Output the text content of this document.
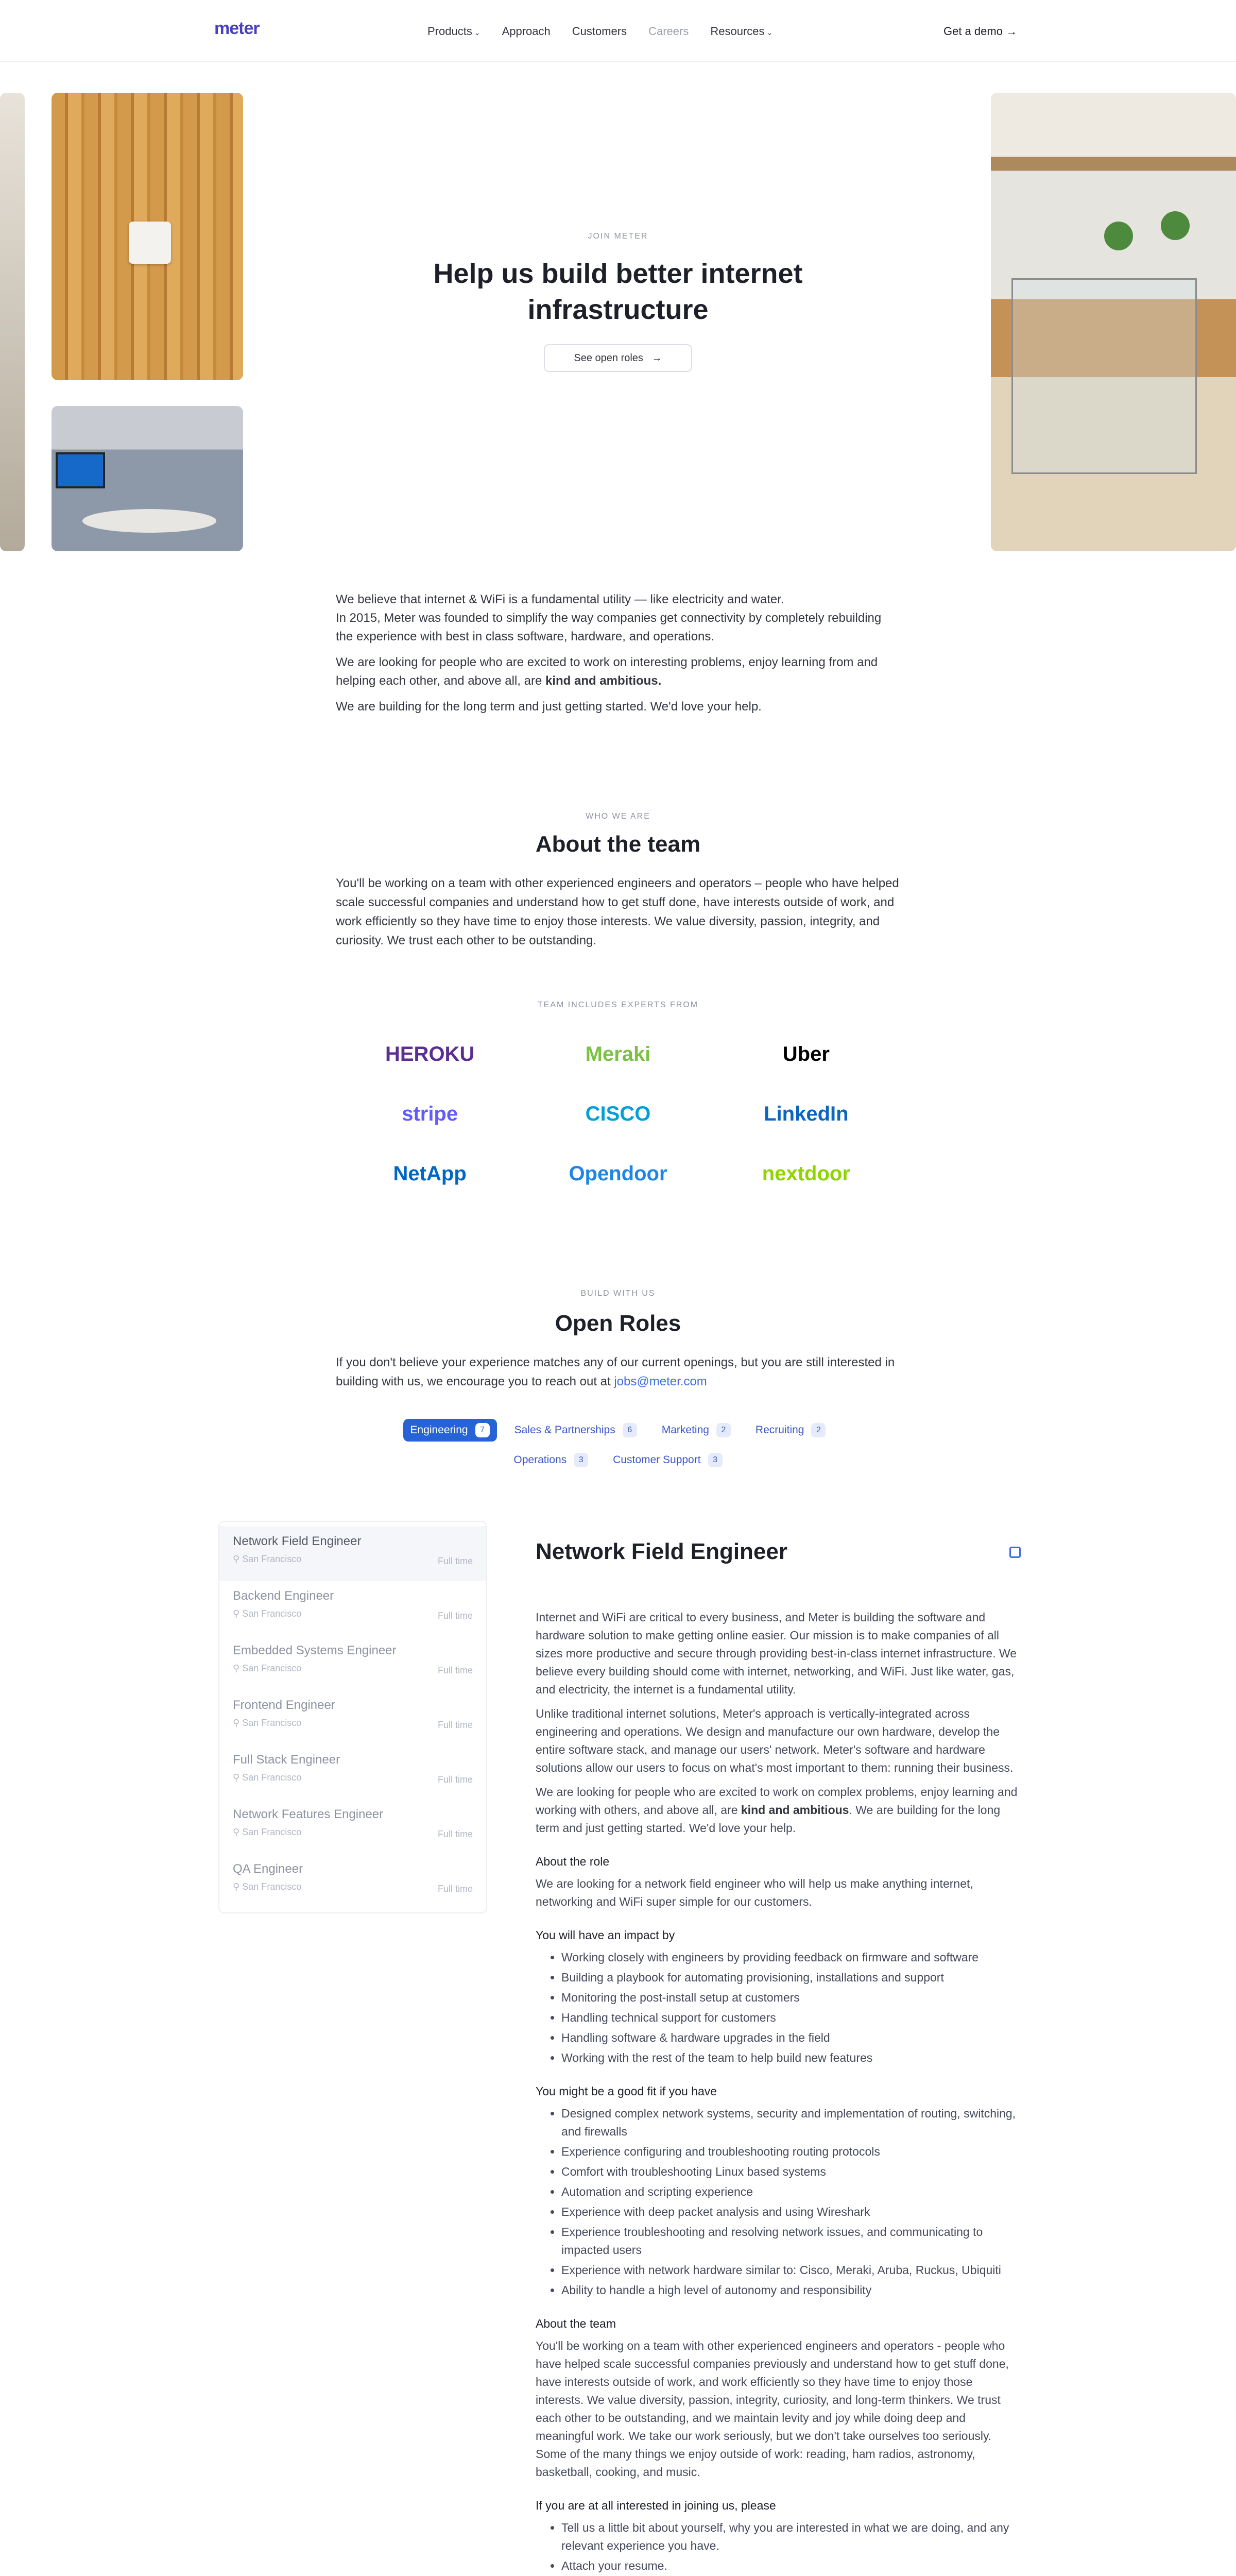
meter	Products ⌄ Approach Customers Careers Resources ⌄	Get a demo →
JOIN METER
Help us build better internet infrastructure
See open roles →

We believe that internet & WiFi is a fundamental utility — like electricity and water.
In 2015, Meter was founded to simplify the way companies get connectivity by completely rebuilding the experience with best in class software, hardware, and operations.

We are looking for people who are excited to work on interesting problems, enjoy learning from and helping each other, and above all, are kind and ambitious.

We are building for the long term and just getting started. We'd love your help.

WHO WE ARE
About the team

You'll be working on a team with other experienced engineers and operators – people who have helped scale successful companies and understand how to get stuff done, have interests outside of work, and work efficiently so they have time to enjoy those interests. We value diversity, passion, integrity, and curiosity. We trust each other to be outstanding.

TEAM INCLUDES EXPERTS FROM
HEROKU	Meraki	Uber
stripe	CISCO	LinkedIn
NetApp	Opendoor	nextdoor
BUILD WITH US
Open Roles

If you don't believe your experience matches any of our current openings, but you are still interested in building with us, we encourage you to reach out at jobs@meter.com

Engineering	7	Sales & Partnerships	6	Marketing	2	Recruiting	2
Operations	3	Customer Support	3
Network Field Engineer
⚲ San Francisco	Full time
Backend Engineer
⚲ San Francisco	Full time
Embedded Systems Engineer
⚲ San Francisco	Full time
Frontend Engineer
⚲ San Francisco	Full time
Full Stack Engineer
⚲ San Francisco	Full time
Network Features Engineer
⚲ San Francisco	Full time
QA Engineer
⚲ San Francisco	Full time
Network Field Engineer

Internet and WiFi are critical to every business, and Meter is building the software and hardware solution to make getting online easier. Our mission is to make companies of all sizes more productive and secure through providing best-in-class internet infrastructure. We believe every building should come with internet, networking, and WiFi. Just like water, gas, and electricity, the internet is a fundamental utility.

Unlike traditional internet solutions, Meter's approach is vertically-integrated across engineering and operations. We design and manufacture our own hardware, develop the entire software stack, and manage our users' network. Meter's software and hardware solutions allow our users to focus on what's most important to them: running their business.

We are looking for people who are excited to work on complex problems, enjoy learning and working with others, and above all, are kind and ambitious. We are building for the long term and just getting started. We'd love your help.

About the role

We are looking for a network field engineer who will help us make anything internet, networking and WiFi super simple for our customers.

You will have an impact by
• Working closely with engineers by providing feedback on firmware and software
• Building a playbook for automating provisioning, installations and support
• Monitoring the post-install setup at customers
• Handling technical support for customers
• Handling software & hardware upgrades in the field
• Working with the rest of the team to help build new features
You might be a good fit if you have
• Designed complex network systems, security and implementation of routing, switching, and firewalls
• Experience configuring and troubleshooting routing protocols
• Comfort with troubleshooting Linux based systems
• Automation and scripting experience
• Experience with deep packet analysis and using Wireshark
• Experience troubleshooting and resolving network issues, and communicating to impacted users
• Experience with network hardware similar to: Cisco, Meraki, Aruba, Ruckus, Ubiquiti
• Ability to handle a high level of autonomy and responsibility
About the team

You'll be working on a team with other experienced engineers and operators - people who have helped scale successful companies previously and understand how to get stuff done, have interests outside of work, and work efficiently so they have time to enjoy those interests. We value diversity, passion, integrity, curiosity, and long-term thinkers. We trust each other to be outstanding, and we maintain levity and joy while doing deep and meaningful work. We take our work seriously, but we don't take ourselves too seriously. Some of the many things we enjoy outside of work: reading, ham radios, astronomy, basketball, cooking, and music.

If you are at all interested in joining us, please
• Tell us a little bit about yourself, why you are interested in what we are doing, and any relevant experience you have.
• Attach your resume.
